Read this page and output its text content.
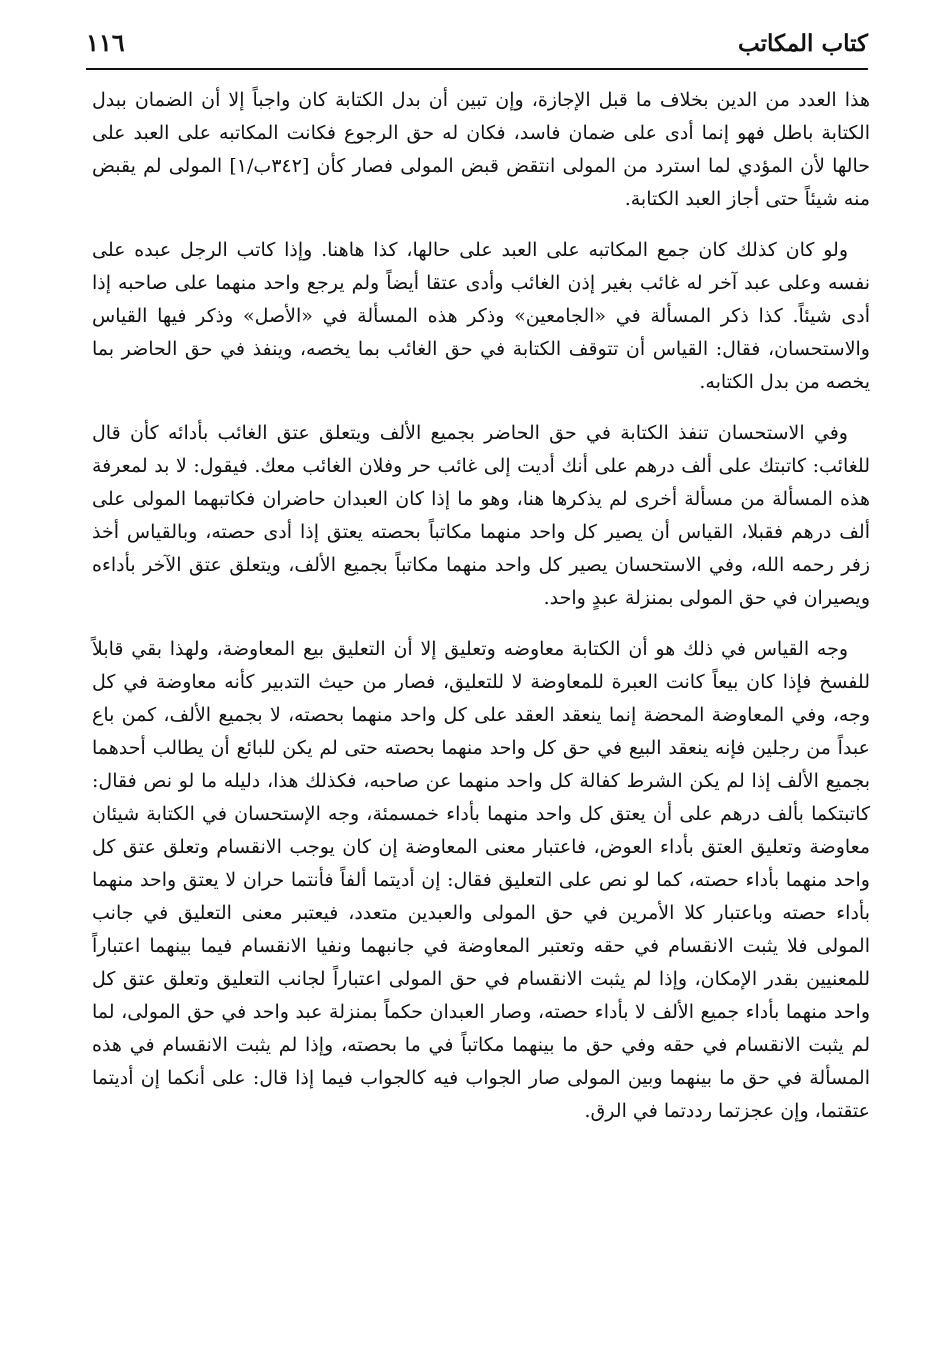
كتاب المكاتب
١١٦

هذا العدد من الدين بخلاف ما قبل الإجازة، وإن تبين أن بدل الكتابة كان واجباً إلا أن الضمان ببدل الكتابة باطل فهو إنما أدى على ضمان فاسد، فكان له حق الرجوع فكانت المكاتبه على العبد على حالها لأن المؤدي لما استرد من المولى انتقض قبض المولى فصار كأن [٣٤٢ب/١] المولى لم يقبض منه شيئاً حتى أجاز العبد الكتابة.

ولو كان كذلك كان جمع المكاتبه على العبد على حالها، كذا هاهنا. وإذا كاتب الرجل عبده على نفسه وعلى عبد آخر له غائب بغير إذن الغائب وأدى عتقا أيضاً ولم يرجع واحد منهما على صاحبه إذا أدى شيئاً. كذا ذكر المسألة في «الجامعين» وذكر هذه المسألة في «الأصل» وذكر فيها القياس والاستحسان، فقال: القياس أن تتوقف الكتابة في حق الغائب بما يخصه، وينفذ في حق الحاضر بما يخصه من بدل الكتابه.

وفي الاستحسان تنفذ الكتابة في حق الحاضر بجميع الألف ويتعلق عتق الغائب بأدائه كأن قال للغائب: كاتبتك على ألف درهم على أنك أديت إلى غائب حر وفلان الغائب معك. فيقول: لا بد لمعرفة هذه المسألة من مسألة أخرى لم يذكرها هنا، وهو ما إذا كان العبدان حاضران فكاتبهما المولى على ألف درهم فقبلا، القياس أن يصير كل واحد منهما مكاتباً بحصته يعتق إذا أدى حصته، وبالقياس أخذ زفر رحمه الله، وفي الاستحسان يصير كل واحد منهما مكاتباً بجميع الألف، ويتعلق عتق الآخر بأداءه ويصيران في حق المولى بمنزلة عبدٍ واحد.

وجه القياس في ذلك هو أن الكتابة معاوضه وتعليق إلا أن التعليق بيع المعاوضة، ولهذا بقي قابلاً للفسخ فإذا كان بيعاً كانت العبرة للمعاوضة لا للتعليق، فصار من حيث التدبير كأنه معاوضة في كل وجه، وفي المعاوضة المحضة إنما ينعقد العقد على كل واحد منهما بحصته، لا بجميع الألف، كمن باع عبداً من رجلين فإنه ينعقد البيع في حق كل واحد منهما بحصته حتى لم يكن للبائع أن يطالب أحدهما بجميع الألف إذا لم يكن الشرط كفالة كل واحد منهما عن صاحبه، فكذلك هذا، دليله ما لو نص فقال: كاتبتكما بألف درهم على أن يعتق كل واحد منهما بأداء خمسمئة، وجه الإستحسان في الكتابة شيئان معاوضة وتعليق العتق بأداء العوض، فاعتبار معنى المعاوضة إن كان يوجب الانقسام وتعلق عتق كل واحد منهما بأداء حصته، كما لو نص على التعليق فقال: إن أديتما ألفاً فأنتما حران لا يعتق واحد منهما بأداء حصته وباعتبار كلا الأمرين في حق المولى والعبدين متعدد، فيعتبر معنى التعليق في جانب المولى فلا يثبت الانقسام في حقه وتعتبر المعاوضة في جانبهما ونفيا الانقسام فيما بينهما اعتباراً للمعنيين بقدر الإمكان، وإذا لم يثبت الانقسام في حق المولى اعتباراً لجانب التعليق وتعلق عتق كل واحد منهما بأداء جميع الألف لا بأداء حصته، وصار العبدان حكماً بمنزلة عبد واحد في حق المولى، لما لم يثبت الانقسام في حقه وفي حق ما بينهما مكاتباً في ما بحصته، وإذا لم يثبت الانقسام في هذه المسألة في حق ما بينهما وبين المولى صار الجواب فيه كالجواب فيما إذا قال: على أنكما إن أديتما عتقتما، وإن عجزتما رددتما في الرق.
